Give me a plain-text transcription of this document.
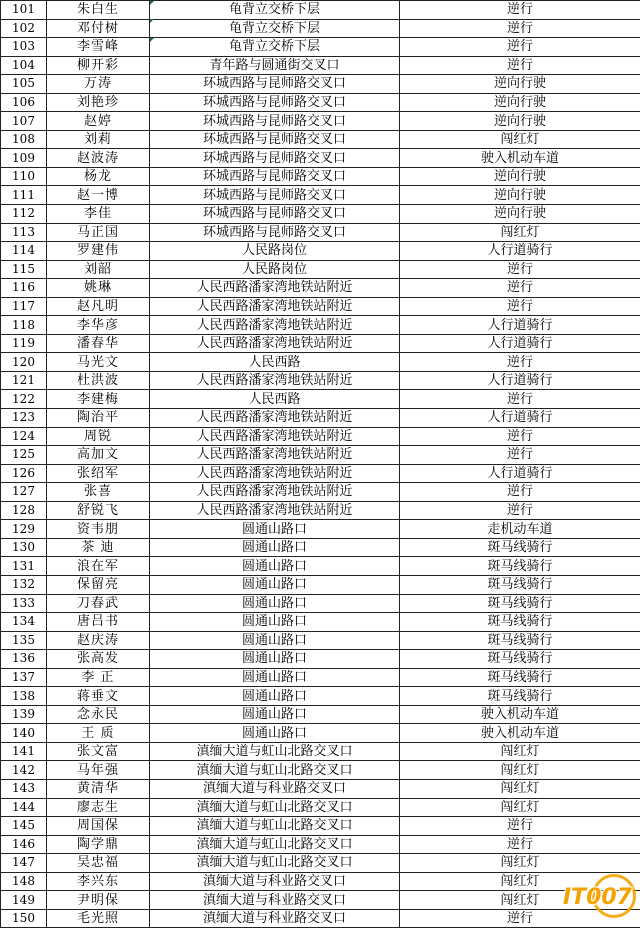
101	朱白生	龟背立交桥下层	逆行
102	邓付树	龟背立交桥下层	逆行
103	李雪峰	龟背立交桥下层	逆行
104	柳开彩	青年路与圆通街交叉口	逆行
105	万涛	环城西路与昆师路交叉口	逆向行驶
106	刘艳珍	环城西路与昆师路交叉口	逆向行驶
107	赵婷	环城西路与昆师路交叉口	逆向行驶
108	刘莉	环城西路与昆师路交叉口	闯红灯
109	赵波涛	环城西路与昆师路交叉口	驶入机动车道
110	杨龙	环城西路与昆师路交叉口	逆向行驶
111	赵一博	环城西路与昆师路交叉口	逆向行驶
112	李佳	环城西路与昆师路交叉口	逆向行驶
113	马正国	环城西路与昆师路交叉口	闯红灯
114	罗建伟	人民路岗位	人行道骑行
115	刘韶	人民路岗位	逆行
116	姚琳	人民西路潘家湾地铁站附近	逆行
117	赵凡明	人民西路潘家湾地铁站附近	逆行
118	李华彦	人民西路潘家湾地铁站附近	人行道骑行
119	潘春华	人民西路潘家湾地铁站附近	人行道骑行
120	马光文	人民西路	逆行
121	杜洪波	人民西路潘家湾地铁站附近	人行道骑行
122	李建梅	人民西路	逆行
123	陶治平	人民西路潘家湾地铁站附近	人行道骑行
124	周锐	人民西路潘家湾地铁站附近	逆行
125	高加文	人民西路潘家湾地铁站附近	逆行
126	张绍军	人民西路潘家湾地铁站附近	人行道骑行
127	张喜	人民西路潘家湾地铁站附近	逆行
128	舒锐飞	人民西路潘家湾地铁站附近	逆行
129	资韦朋	圆通山路口	走机动车道
130	茶 迪	圆通山路口	斑马线骑行
131	浪在军	圆通山路口	斑马线骑行
132	保留亮	圆通山路口	斑马线骑行
133	刀春武	圆通山路口	斑马线骑行
134	唐吕书	圆通山路口	斑马线骑行
135	赵庆涛	圆通山路口	斑马线骑行
136	张高发	圆通山路口	斑马线骑行
137	李 正	圆通山路口	斑马线骑行
138	蒋垂文	圆通山路口	斑马线骑行
139	念永民	圆通山路口	驶入机动车道
140	王 质	圆通山路口	驶入机动车道
141	张文富	滇缅大道与虹山北路交叉口	闯红灯
142	马年强	滇缅大道与虹山北路交叉口	闯红灯
143	黄清华	滇缅大道与科业路交叉口	闯红灯
144	廖志生	滇缅大道与虹山北路交叉口	闯红灯
145	周国保	滇缅大道与虹山北路交叉口	逆行
146	陶学鼎	滇缅大道与虹山北路交叉口	逆行
147	吴忠福	滇缅大道与虹山北路交叉口	闯红灯
148	李兴东	滇缅大道与科业路交叉口	闯红灯
149	尹明保	滇缅大道与科业路交叉口	闯红灯
150	毛光照	滇缅大道与科业路交叉口	逆行
IT007
